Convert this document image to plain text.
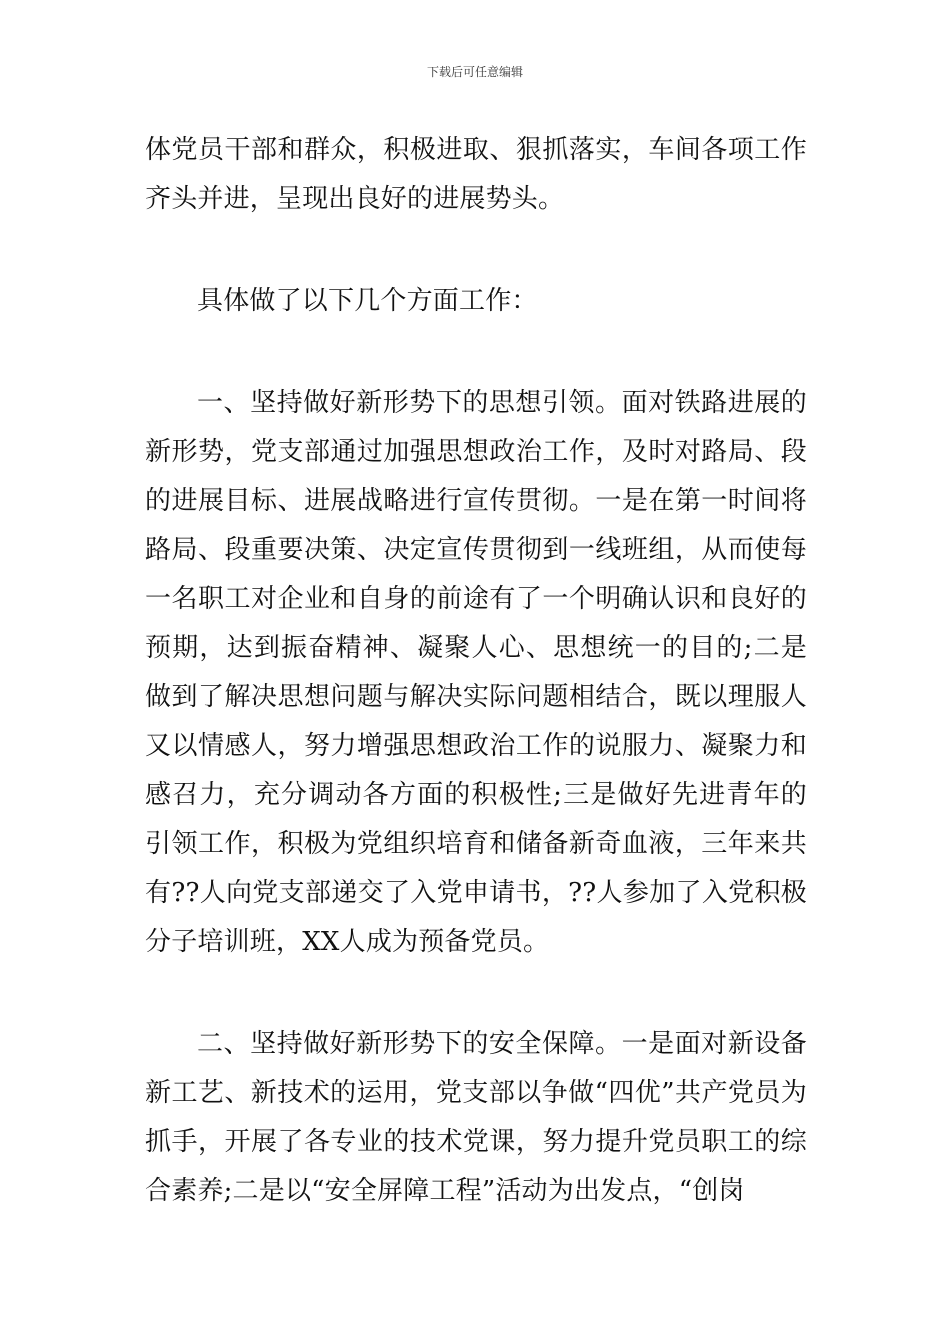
下载后可任意编辑

体党员干部和群众，积极进取、狠抓落实，车间各项工作齐头并进，呈现出良好的进展势头。

具体做了以下几个方面工作：

一、坚持做好新形势下的思想引领。面对铁路进展的新形势，党支部通过加强思想政治工作，及时对路局、段的进展目标、进展战略进行宣传贯彻。一是在第一时间将路局、段重要决策、决定宣传贯彻到一线班组，从而使每一名职工对企业和自身的前途有了一个明确认识和良好的预期，达到振奋精神、凝聚人心、思想统一的目的;二是做到了解决思想问题与解决实际问题相结合，既以理服人又以情感人，努力增强思想政治工作的说服力、凝聚力和感召力，充分调动各方面的积极性;三是做好先进青年的引领工作，积极为党组织培育和储备新奇血液，三年来共有??人向党支部递交了入党申请书，??人参加了入党积极分子培训班，XX人成为预备党员。

二、坚持做好新形势下的安全保障。一是面对新设备新工艺、新技术的运用，党支部以争做“四优”共产党员为抓手，开展了各专业的技术党课，努力提升党员职工的综合素养;二是以“安全屏障工程”活动为出发点，“创岗
